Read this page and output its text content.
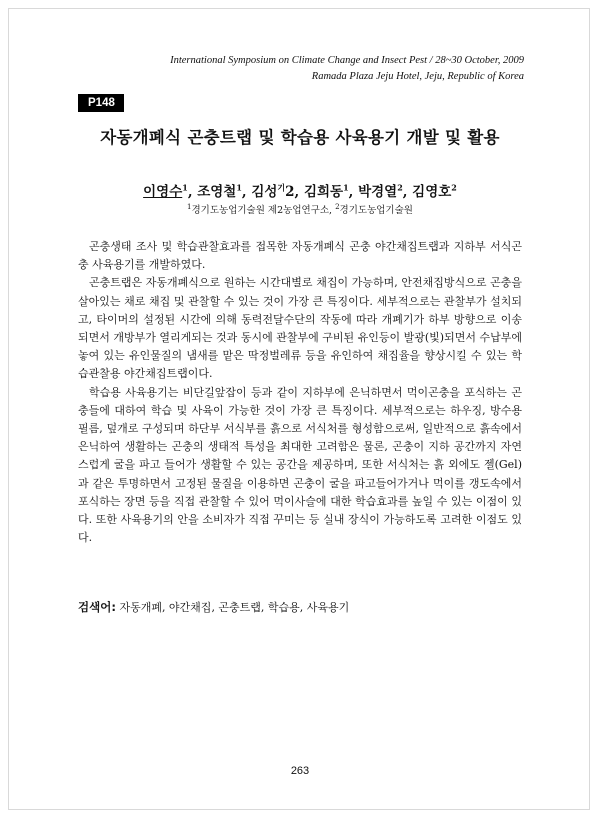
International Symposium on Climate Change and Insect Pest / 28~30 October, 2009
Ramada Plaza Jeju Hotel, Jeju, Republic of Korea
P148
자동개폐식 곤충트랩 및 학습용 사육용기 개발 및 활용
이영수$^1$, 조영철$^1$, 김성$^기$2, 김희동$^1$, 박경열$^2$, 김영호$^2$
$^1$경기도농업기술원 제2농업연구소, $^2$경기도농업기술원

곤충생태 조사 및 학습관찰효과를 접목한 자동개폐식 곤충 야간채집트랩과 지하부 서식곤충 사육용기를 개발하였다.

곤충트랩은 자동개폐식으로 원하는 시간대별로 채집이 가능하며, 안전채집방식으로 곤충을 살아있는 채로 채집 및 관찰할 수 있는 것이 가장 큰 특징이다. 세부적으로는 관찰부가 설치되고, 타이머의 설정된 시간에 의해 동력전달수단의 작동에 따라 개폐기가 하부 방향으로 이송되면서 개방부가 열리게되는 것과 동시에 관찰부에 구비된 유인등이 발광(빛)되면서 수납부에 놓여 있는 유인물질의 냄새를 맡은 딱정벌레류 등을 유인하여 채집율을 향상시킬 수 있는 학습관찰용 야간채집트랩이다.

학습용 사육용기는 비단길앞잡이 등과 같이 지하부에 은닉하면서 먹이곤충을 포식하는 곤충들에 대하여 학습 및 사육이 가능한 것이 가장 큰 특징이다. 세부적으로는 하우징, 방수용 필름, 덮개로 구성되며 하단부 서식부를 흙으로 서식처를 형성함으로써, 일반적으로 흙속에서 은닉하여 생활하는 곤충의 생태적 특성을 최대한 고려함은 물론, 곤충이 지하 공간까지 자연스럽게 굴을 파고 들어가 생활할 수 있는 공간을 제공하며, 또한 서식처는 흙 외에도 젤(Gel)과 같은 투명하면서 고정된 물질을 이용하면 곤충이 굴을 파고들어가거나 먹이를 갱도속에서 포식하는 장면 등을 직접 관찰할 수 있어 먹이사슬에 대한 학습효과를 높일 수 있는 이점이 있다. 또한 사육용기의 안을 소비자가 직접 꾸미는 등 실내 장식이 가능하도록 고려한 이점도 있다.

검색어: 자동개폐, 야간채집, 곤충트랩, 학습용, 사육용기
263
